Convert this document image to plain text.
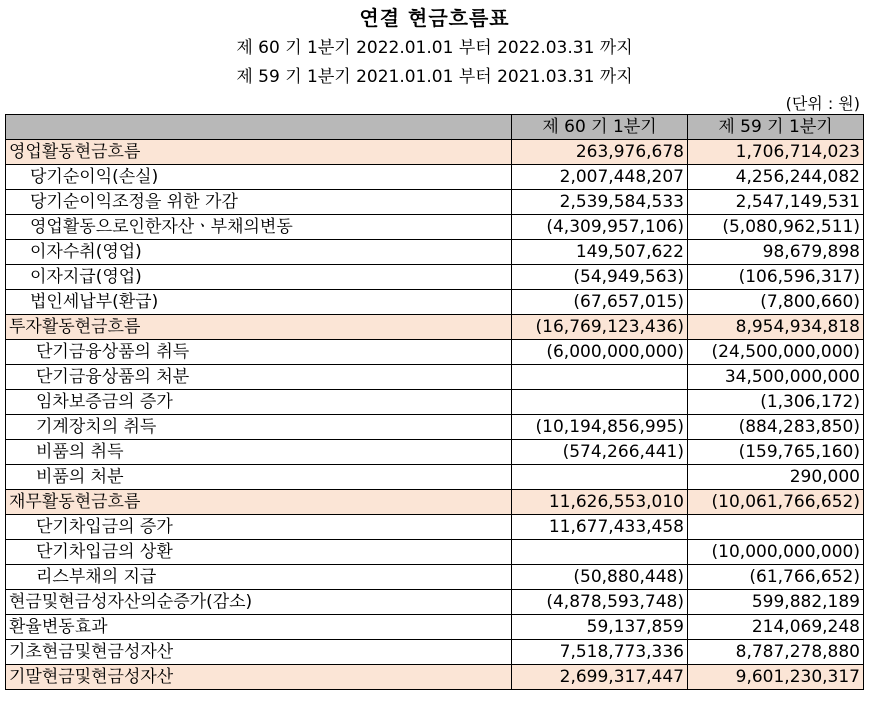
연결 현금흐름표
제 60 기 1분기 2022.01.01 부터 2022.03.31 까지
제 59 기 1분기 2021.01.01 부터 2021.03.31 까지
(단위 : 원)
	제 60 기 1분기	제 59 기 1분기
영업활동현금흐름	263,976,678	1,706,714,023
당기순이익(손실)	2,007,448,207	4,256,244,082
당기순이익조정을 위한 가감	2,539,584,533	2,547,149,531
영업활동으로인한자산ㆍ부채의변동	(4,309,957,106)	(5,080,962,511)
이자수취(영업)	149,507,622	98,679,898
이자지급(영업)	(54,949,563)	(106,596,317)
법인세납부(환급)	(67,657,015)	(7,800,660)
투자활동현금흐름	(16,769,123,436)	8,954,934,818
단기금융상품의 취득	(6,000,000,000)	(24,500,000,000)
단기금융상품의 처분		34,500,000,000
임차보증금의 증가		(1,306,172)
기계장치의 취득	(10,194,856,995)	(884,283,850)
비품의 취득	(574,266,441)	(159,765,160)
비품의 처분		290,000
재무활동현금흐름	11,626,553,010	(10,061,766,652)
단기차입금의 증가	11,677,433,458	
단기차입금의 상환		(10,000,000,000)
리스부채의 지급	(50,880,448)	(61,766,652)
현금및현금성자산의순증가(감소)	(4,878,593,748)	599,882,189
환율변동효과	59,137,859	214,069,248
기초현금및현금성자산	7,518,773,336	8,787,278,880
기말현금및현금성자산	2,699,317,447	9,601,230,317
